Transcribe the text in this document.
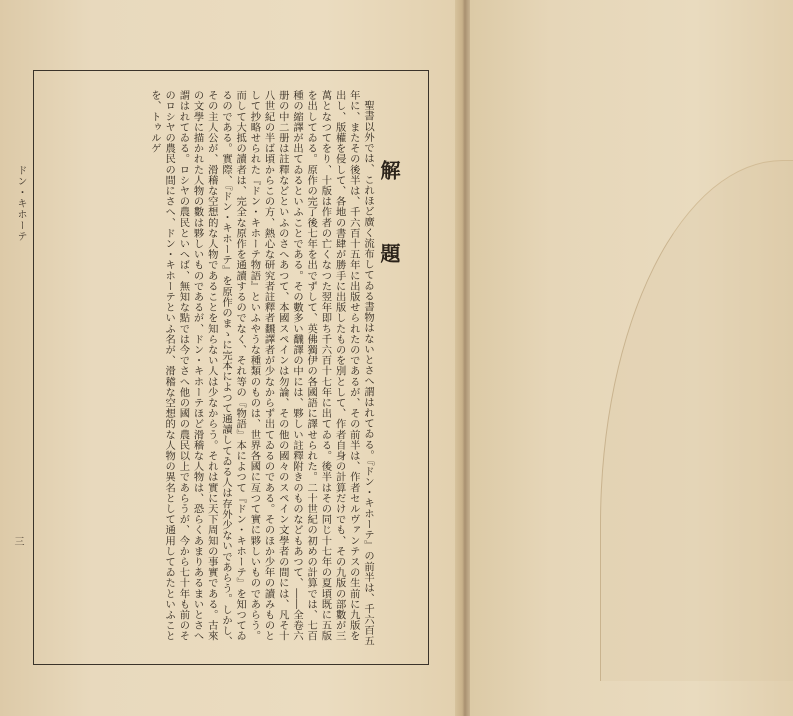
解 題

聖書以外では、これほど廣く流布してゐる書物はないとさへ謂はれてゐる。『ドン・キホーテ』の前半は、千六百五年に、またその後半は、千六百十五年に出版せられたのであるが、その前半は、作者セルヴァンテスの生前に九版を出し、版權を侵して、各地の書肆が勝手に出版したものを別として、作者自身の計算だけでも、その九版の部數が三萬となつてをり、十版は作者の亡くなつた翌年即ち千六百十七年に出てゐる。後半はその同じ十七年の夏頃既に五版を出してゐる。原作の完了後七年を出でずして、英佛獨伊の各國語に譯せられた。二十世紀の初めの計算では、七百種の縮譯が出てゐるといふことである。その數多い飜譯の中には、夥しい註釋附きのものなどもあつて、――全卷六册の中二册は註釋などといふのさへあつて、本國スペインは勿論、その他の國々のスペイン文學者の間には、凡そ十八世紀の半ば頃からこの方、熱心な研究者註釋者飜譯者が少なからず出てゐるのである。そのほか少年の讀みものとして抄略せられた『ドン・キホーテ物語』といふやうな種類のものは、世界各國に亙つて實に夥しいものであらう。而して大抵の讀者は、完全な原作を通讀するのでなく、それ等の『物語』本によつて『ドン・キホーテ』を知つてゐるのである。實際、『ドン・キホーテ』を原作のまゝに完本によつて通讀してゐる人は存外少ないであらう。しかし、その主人公が、滑稽な空想的な人物であることを知らない人は少なからう。それは實に天下周知の事實である。古來の文學に描かれた人物の數は夥しいものであるが、ドン・キホーテほど滑稽な人物は、恐らくあまりあるまいとさへ謂はれてゐる。ロシヤの農民といへば、無知な點では今でさへ他の國の農民以上であらうが、今から七十年も前のそのロシヤの農民の間にさへ、ドン・キホーテといふ名が、滑稽な空想的な人物の異名として通用してゐたといふことを、トゥルゲ

ドン・キホーテ
三
